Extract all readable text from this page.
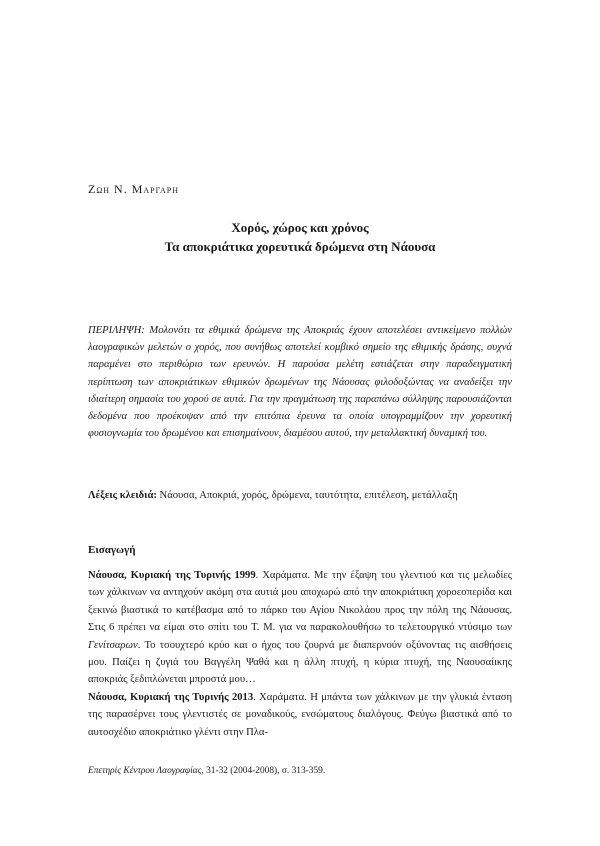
Ζωη Ν. Μαργαρη
Χορός, χώρος και χρόνος
Τα αποκριάτικα χορευτικά δρώμενα στη Νάουσα
ΠΕΡΙΛΗΨΗ: Μολονότι τα εθιμικά δρώμενα της Αποκριάς έχουν αποτελέσει αντικείμενο πολλών λαογραφικών μελετών ο χορός, που συνήθως αποτελεί κομβικό σημείο της εθιμικής δράσης, συχνά παραμένει στο περιθώριο των ερευνών. Η παρούσα μελέτη εστιάζεται στην παραδειγματική περίπτωση των αποκριάτικων εθιμικών δρωμένων της Νάουσας φιλοδοξώντας να αναδείξει την ιδιαίτερη σημασία του χορού σε αυτά. Για την πραγμάτωση της παραπάνω σύλληψης παρουσιάζονται δεδομένα που προέκυψαν από την επιτόπια έρευνα τα οποία υπογραμμίζουν την χορευτική φυσιογνωμία του δρωμένου και επισημαίνουν, διαμέσου αυτού, την μεταλλακτική δυναμική του.
Λέξεις κλειδιά: Νάουσα, Αποκριά, χορός, δρώμενα, ταυτότητα, επιτέλεση, μετάλλαξη
Εισαγωγή

Νάουσα, Κυριακή της Τυρινής 1999. Χαράματα. Με την έξαψη του γλεντιού και τις μελωδίες των χάλκινων να αντηχούν ακόμη στα αυτιά μου αποχωρώ από την αποκριάτικη χοροεσπερίδα και ξεκινώ βιαστικά το κατέβασμα από το πάρκο του Αγίου Νικολάου προς την πόλη της Νάουσας. Στις 6 πρέπει να είμαι στο σπίτι του Τ. Μ. για να παρακολουθήσω το τελετουργικό ντύσιμο των Γενίτσαρων. Το τσουχτερό κρύο και ο ήχος του ζουρνά με διαπερνούν οξύνοντας τις αισθήσεις μου. Παίζει η ζυγιά του Βαγγέλη Ψαθά και η άλλη πτυχή, η κύρια πτυχή, της Ναουσαίικης αποκριάς ξεδιπλώνεται μπροστά μου…

Νάουσα, Κυριακή της Τυρινής 2013. Χαράματα. Η μπάντα των χάλκινων με την γλυκιά ένταση της παρασέρνει τους γλεντιστές σε μοναδικούς, ενσώματους διαλόγους. Φεύγω βιαστικά από το αυτοσχέδιο αποκριάτικο γλέντι στην Πλα-

Επετηρίς Κέντρου Λαογραφίας, 31-32 (2004-2008), σ. 313-359.
